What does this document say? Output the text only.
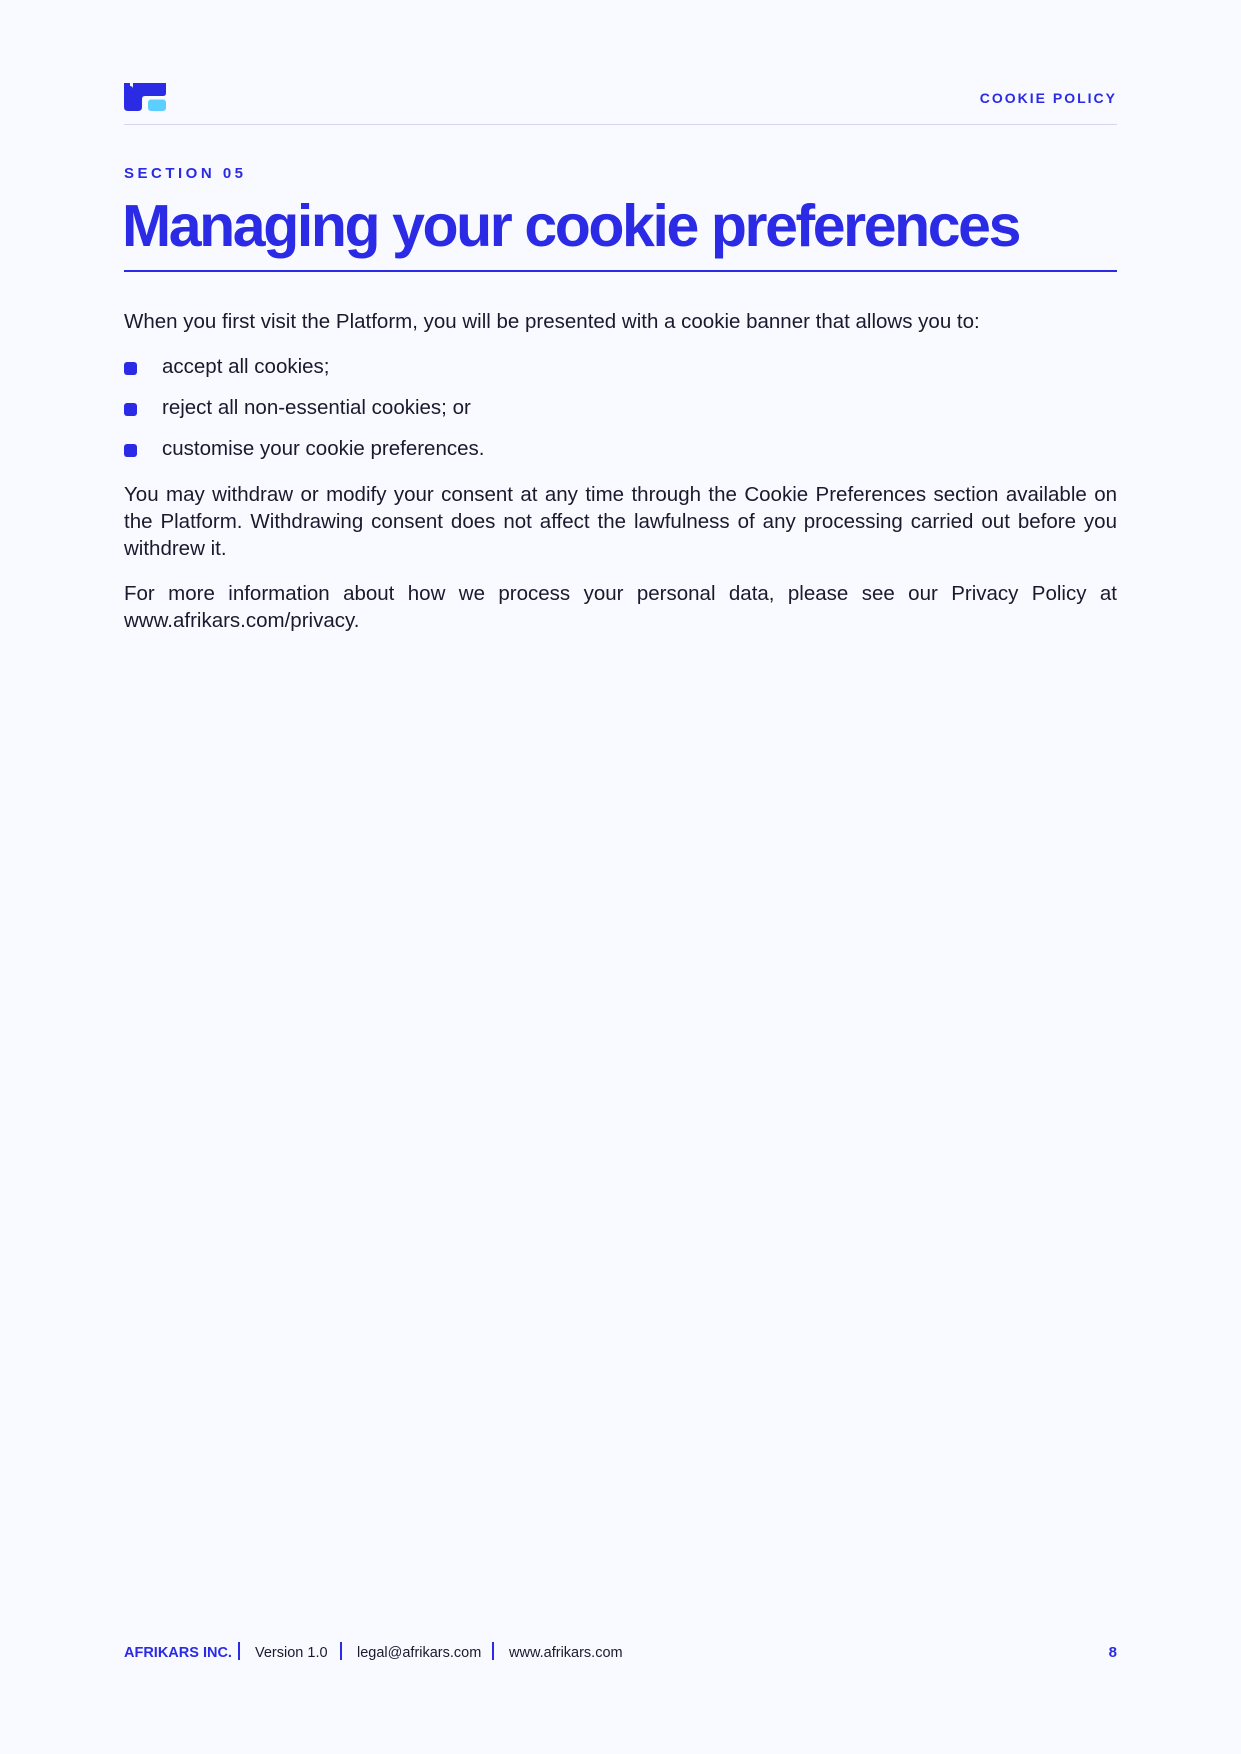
COOKIE POLICY
SECTION 05
Managing your cookie preferences

When you first visit the Platform, you will be presented with a cookie banner that allows you to:

accept all cookies;
reject all non-essential cookies; or
customise your cookie preferences.

You may withdraw or modify your consent at any time through the Cookie Preferences section available on the Platform. Withdrawing consent does not affect the lawfulness of any processing carried out before you withdrew it.

For more information about how we process your personal data, please see our Privacy Policy at www.afrikars.com/privacy.

AFRIKARS INC. Version 1.0 legal@afrikars.com www.afrikars.com	8
